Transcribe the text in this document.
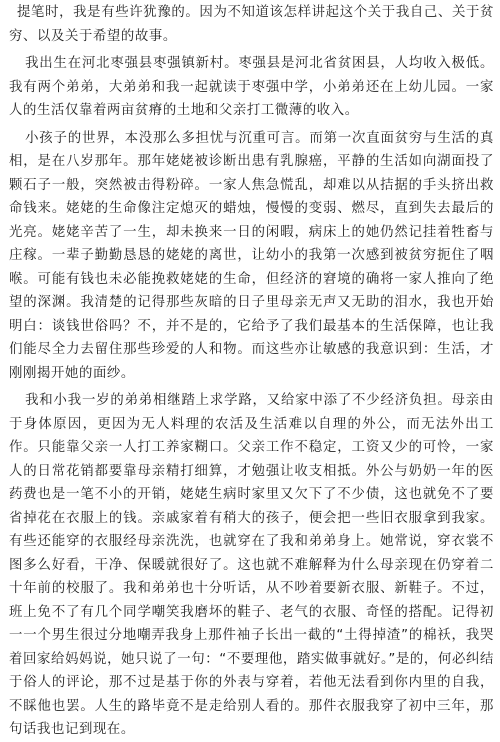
提笔时，我是有些许犹豫的。因为不知道该怎样讲起这个关于我自己、关于贫穷、以及关于希望的故事。

我出生在河北枣强县枣强镇新村。枣强县是河北省贫困县，人均收入极低。我有两个弟弟，大弟弟和我一起就读于枣强中学，小弟弟还在上幼儿园。一家人的生活仅靠着两亩贫瘠的土地和父亲打工微薄的收入。

小孩子的世界，本没那么多担忧与沉重可言。而第一次直面贫穷与生活的真相，是在八岁那年。那年姥姥被诊断出患有乳腺癌，平静的生活如向湖面投了颗石子一般，突然被击得粉碎。一家人焦急慌乱，却难以从拮据的手头挤出救命钱来。姥姥的生命像注定熄灭的蜡烛，慢慢的变弱、燃尽，直到失去最后的光亮。姥姥辛苦了一生，却未换来一日的闲暇，病床上的她仍然记挂着牲畜与庄稼。一辈子勤勤恳恳的姥姥的离世，让幼小的我第一次感到被贫穷扼住了咽喉。可能有钱也未必能挽救姥姥的生命，但经济的窘境的确将一家人推向了绝望的深渊。我清楚的记得那些灰暗的日子里母亲无声又无助的泪水，我也开始明白：谈钱世俗吗？不，并不是的，它给予了我们最基本的生活保障，也让我们能尽全力去留住那些珍爱的人和物。而这些亦让敏感的我意识到：生活，才刚刚揭开她的面纱。

我和小我一岁的弟弟相继踏上求学路，又给家中添了不少经济负担。母亲由于身体原因，更因为无人料理的农活及生活难以自理的外公，而无法外出工作。只能靠父亲一人打工养家糊口。父亲工作不稳定，工资又少的可怜，一家人的日常花销都要靠母亲精打细算，才勉强让收支相抵。外公与奶奶一年的医药费也是一笔不小的开销，姥姥生病时家里又欠下了不少债，这也就免不了要省掉花在衣服上的钱。亲戚家着有稍大的孩子，便会把一些旧衣服拿到我家。有些还能穿的衣服经母亲洗洗，也就穿在了我和弟弟身上。她常说，穿衣裳不图多么好看，干净、保暖就很好了。这也就不难解释为什么母亲现在仍穿着二十年前的校服了。我和弟弟也十分听话，从不吵着要新衣服、新鞋子。不过，班上免不了有几个同学嘲笑我磨坏的鞋子、老气的衣服、奇怪的搭配。记得初一一个男生很过分地嘲弄我身上那件袖子长出一截的“土得掉渣”的棉袄，我哭着回家给妈妈说，她只说了一句：“不要理他，踏实做事就好。”是的，何必纠结于俗人的评论，那不过是基于你的外表与穿着，若他无法看到你内里的自我，不睬他也罢。人生的路毕竟不是走给别人看的。那件衣服我穿了初中三年，那句话我也记到现在。
